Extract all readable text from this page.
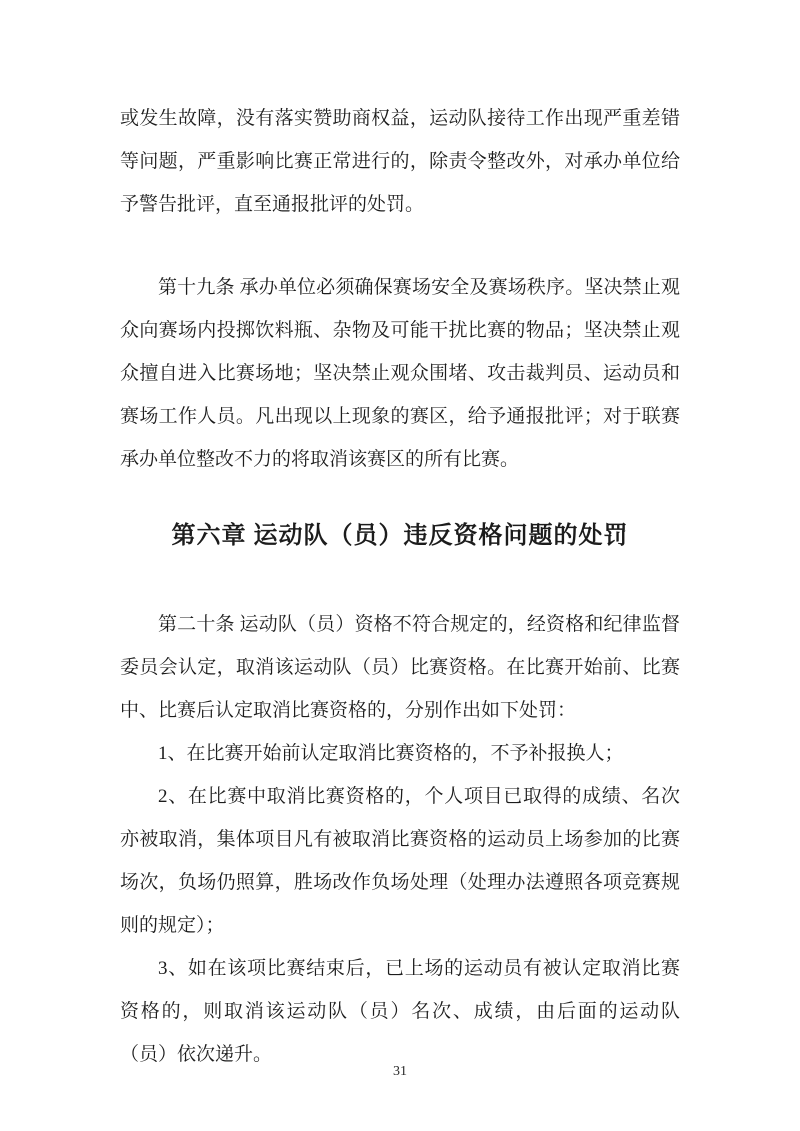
或发生故障，没有落实赞助商权益，运动队接待工作出现严重差错等问题，严重影响比赛正常进行的，除责令整改外，对承办单位给予警告批评，直至通报批评的处罚。

第十九条 承办单位必须确保赛场安全及赛场秩序。坚决禁止观众向赛场内投掷饮料瓶、杂物及可能干扰比赛的物品；坚决禁止观众擅自进入比赛场地；坚决禁止观众围堵、攻击裁判员、运动员和赛场工作人员。凡出现以上现象的赛区，给予通报批评；对于联赛承办单位整改不力的将取消该赛区的所有比赛。

第六章 运动队（员）违反资格问题的处罚

第二十条 运动队（员）资格不符合规定的，经资格和纪律监督委员会认定，取消该运动队（员）比赛资格。在比赛开始前、比赛中、比赛后认定取消比赛资格的，分别作出如下处罚：

1、在比赛开始前认定取消比赛资格的，不予补报换人；

2、在比赛中取消比赛资格的，个人项目已取得的成绩、名次亦被取消，集体项目凡有被取消比赛资格的运动员上场参加的比赛场次，负场仍照算，胜场改作负场处理（处理办法遵照各项竞赛规则的规定）；

3、如在该项比赛结束后，已上场的运动员有被认定取消比赛资格的，则取消该运动队（员）名次、成绩，由后面的运动队（员）依次递升。

31
